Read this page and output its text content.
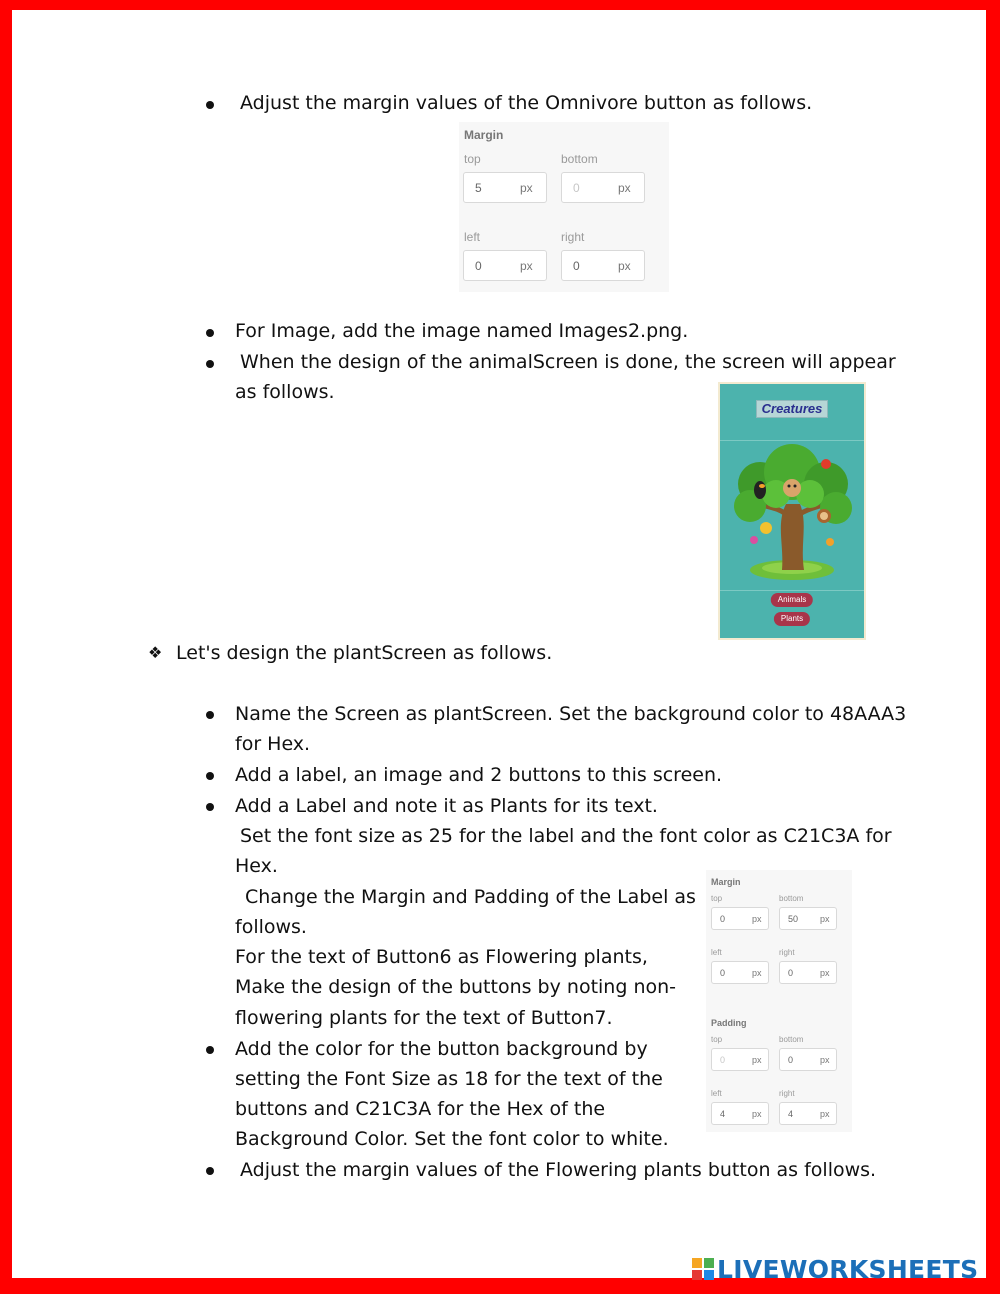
Adjust the margin values of the Omnivore button as follows.
Margin
top	bottom
5	px	0	px
left	right
0	px	0	px
For Image, add the image named Images2.png.
When the design of the animalScreen is done, the screen will appear
as follows.
Creatures
Animals
Plants
❖ Let's design the plantScreen as follows.
Name the Screen as plantScreen. Set the background color to 48AAA3
for Hex.
Add a label, an image and 2 buttons to this screen.
Add a Label and note it as Plants for its text.
Set the font size as 25 for the label and the font color as C21C3A for
Hex.
Change the Margin and Padding of the Label as
follows.
For the text of Button6 as Flowering plants,
Make the design of the buttons by noting non-
flowering plants for the text of Button7.
Add the color for the button background by
setting the Font Size as 18 for the text of the
buttons and C21C3A for the Hex of the
Background Color. Set the font color to white.
Adjust the margin values of the Flowering plants button as follows.
Margin
top	bottom
0	px	50 px
left	right
0	px	0	px
Padding
top	bottom
0	px	0	px
left	right
4	px	4	px
LIVEWORKSHEETS
